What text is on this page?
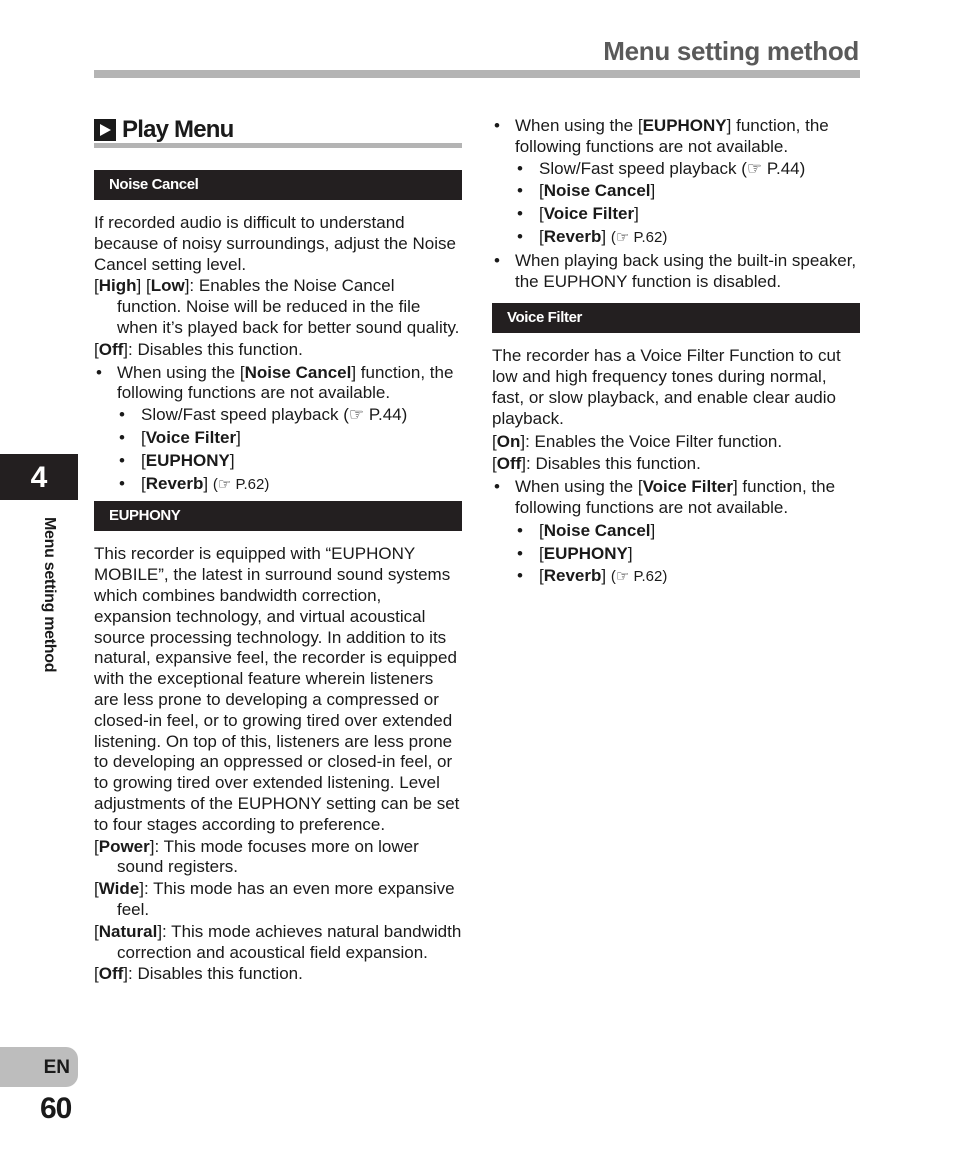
Menu setting method
4
Menu setting method
EN
60
Play Menu
Noise Cancel

If recorded audio is difficult to understand because of noisy surroundings, adjust the Noise Cancel setting level.

[High] [Low]: Enables the Noise Cancel function. Noise will be reduced in the file when it’s played back for better sound quality.

[Off]: Disables this function.

• When using the [Noise Cancel] function, the following functions are not available.
• Slow/Fast speed playback (☞ P.44)
• [Voice Filter]
• [EUPHONY]
• [Reverb] (☞ P.62)
EUPHONY

This recorder is equipped with “EUPHONY MOBILE”, the latest in surround sound systems which combines bandwidth correction, expansion technology, and virtual acoustical source processing technology. In addition to its natural, expansive feel, the recorder is equipped with the exceptional feature wherein listeners are less prone to developing a compressed or closed-in feel, or to growing tired over extended listening. On top of this, listeners are less prone to developing an oppressed or closed-in feel, or to growing tired over extended listening. Level adjustments of the EUPHONY setting can be set to four stages according to preference.

[Power]: This mode focuses more on lower sound registers.

[Wide]: This mode has an even more expansive feel.

[Natural]: This mode achieves natural bandwidth correction and acoustical field expansion.

[Off]: Disables this function.

• When using the [EUPHONY] function, the following functions are not available.
• Slow/Fast speed playback (☞ P.44)
• [Noise Cancel]
• [Voice Filter]
• [Reverb] (☞ P.62)
• When playing back using the built-in speaker, the EUPHONY function is disabled.
Voice Filter

The recorder has a Voice Filter Function to cut low and high frequency tones during normal, fast, or slow playback, and enable clear audio playback.

[On]: Enables the Voice Filter function.

[Off]: Disables this function.

• When using the [Voice Filter] function, the following functions are not available.
• [Noise Cancel]
• [EUPHONY]
• [Reverb] (☞ P.62)
